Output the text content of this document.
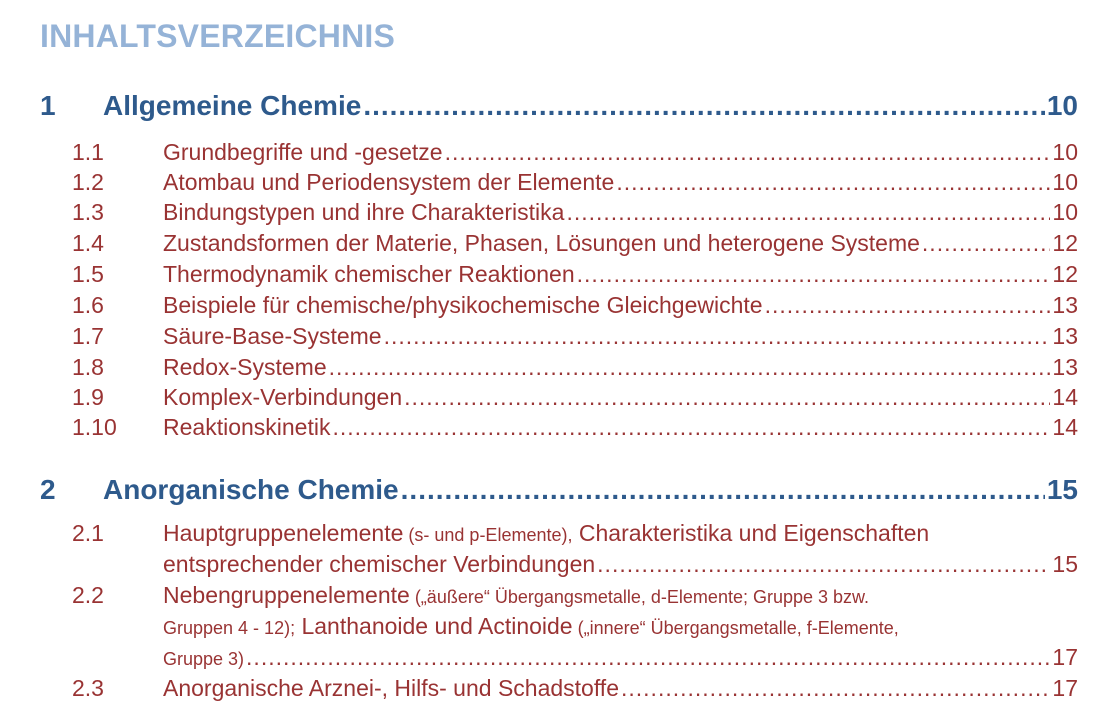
INHALTSVERZEICHNIS
1 Allgemeine Chemie .....	10
1.1	Grundbegriffe und -gesetze .....	10
1.2	Atombau und Periodensystem der Elemente .....	10
1.3	Bindungstypen und ihre Charakteristika .....	10
1.4	Zustandsformen der Materie, Phasen, Lösungen und heterogene Systeme .....	12
1.5	Thermodynamik chemischer Reaktionen .....	12
1.6	Beispiele für chemische/physikochemische Gleichgewichte .....	13
1.7	Säure-Base-Systeme .....	13
1.8	Redox-Systeme .....	13
1.9	Komplex-Verbindungen .....	14
1.10 Reaktionskinetik .....	14
2 Anorganische Chemie .....	15
2.1	Hauptgruppenelemente (s- und p-Elemente), Charakteristika und Eigenschaften
entsprechender chemischer Verbindungen .....	15
2.2	Nebengruppenelemente („äußere“ Übergangsmetalle, d-Elemente; Gruppe 3 bzw.
Gruppen 4 - 12); Lanthanoide und Actinoide („innere“ Übergangsmetalle, f-Elemente,
Gruppe 3) .....	17
2.3	Anorganische Arznei-, Hilfs- und Schadstoffe .....	17
